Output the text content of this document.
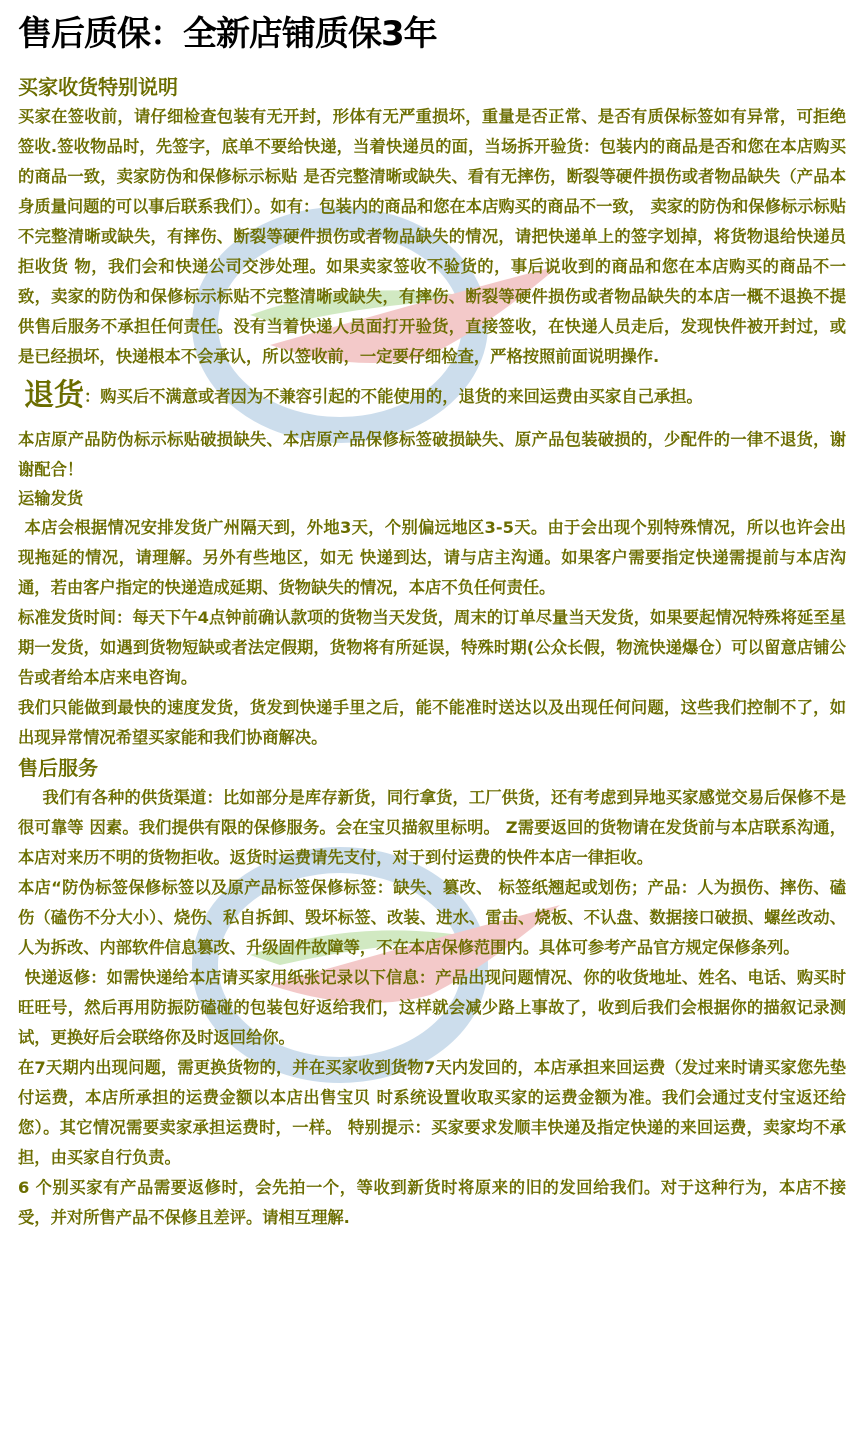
售后质保：全新店铺质保3年
买家收货特别说明

买家在签收前，请仔细检查包装有无开封，形体有无严重损坏，重量是否正常、是否有质保标签如有异常，可拒绝签收.签收物品时，先签字，底单不要给快递，当着快递员的面，当场拆开验货：包装内的商品是否和您在本店购买的商品一致，卖家防伪和保修标示标贴 是否完整清晰或缺失、看有无摔伤，断裂等硬件损伤或者物品缺失（产品本身质量问题的可以事后联系我们）。如有：包装内的商品和您在本店购买的商品不一致， 卖家的防伪和保修标示标贴不完整清晰或缺失，有摔伤、断裂等硬件损伤或者物品缺失的情况，请把快递单上的签字划掉，将货物退给快递员拒收货 物，我们会和快递公司交涉处理。如果卖家签收不验货的，事后说收到的商品和您在本店购买的商品不一致，卖家的防伪和保修标示标贴不完整清晰或缺失，有摔伤、断裂等硬件损伤或者物品缺失的本店一概不退换不提供售后服务不承担任何责任。没有当着快递人员面打开验货，直接签收，在快递人员走后，发现快件被开封过，或是已经损坏，快递根本不会承认，所以签收前，一定要仔细检查，严格按照前面说明操作.

退货：购买后不满意或者因为不兼容引起的不能使用的，退货的来回运费由买家自己承担。

本店原产品防伪标示标贴破损缺失、本店原产品保修标签破损缺失、原产品包装破损的，少配件的一律不退货，谢谢配合！

运输发货

本店会根据情况安排发货广州隔天到，外地3天，个别偏远地区3-5天。由于会出现个别特殊情况，所以也许会出现拖延的情况，请理解。另外有些地区，如无 快递到达，请与店主沟通。如果客户需要指定快递需提前与本店沟通，若由客户指定的快递造成延期、货物缺失的情况，本店不负任何责任。

标准发货时间：每天下午4点钟前确认款项的货物当天发货，周末的订单尽量当天发货，如果要起情况特殊将延至星期一发货，如遇到货物短缺或者法定假期，货物将有所延误，特殊时期(公众长假，物流快递爆仓）可以留意店铺公告或者给本店来电咨询。

我们只能做到最快的速度发货，货发到快递手里之后，能不能准时送达以及出现任何问题，这些我们控制不了，如出现异常情况希望买家能和我们协商解决。

售后服务

我们有各种的供货渠道：比如部分是库存新货，同行拿货，工厂供货，还有考虑到异地买家感觉交易后保修不是很可靠等 因素。我们提供有限的保修服务。会在宝贝描叙里标明。 Z需要返回的货物请在发货前与本店联系沟通，本店对来历不明的货物拒收。返货时运费请先支付，对于到付运费的快件本店一律拒收。

本店“防伪标签保修标签以及原产品标签保修标签：缺失、篡改、 标签纸翘起或划伤；产品：人为损伤、摔伤、磕伤（磕伤不分大小）、烧伤、私自拆卸、毁坏标签、改装、进水、雷击、烧板、不认盘、数据接口破损、螺丝改动、 人为拆改、内部软件信息篡改、升级固件故障等，不在本店保修范围内。具体可参考产品官方规定保修条列。

快递返修：如需快递给本店请买家用纸张记录以下信息：产品出现问题情况、你的收货地址、姓名、电话、购买时旺旺号，然后再用防振防磕碰的包装包好返给我们，这样就会减少路上事故了，收到后我们会根据你的描叙记录测试，更换好后会联络你及时返回给你。

在7天期内出现问题，需更换货物的，并在买家收到货物7天内发回的，本店承担来回运费（发过来时请买家您先垫付运费，本店所承担的运费金额以本店出售宝贝 时系统设置收取买家的运费金额为准。我们会通过支付宝返还给您）。其它情况需要卖家承担运费时，一样。 特别提示：买家要求发顺丰快递及指定快递的来回运费，卖家均不承担，由买家自行负责。

6 个别买家有产品需要返修时，会先拍一个，等收到新货时将原来的旧的发回给我们。对于这种行为，本店不接受，并对所售产品不保修且差评。请相互理解.
